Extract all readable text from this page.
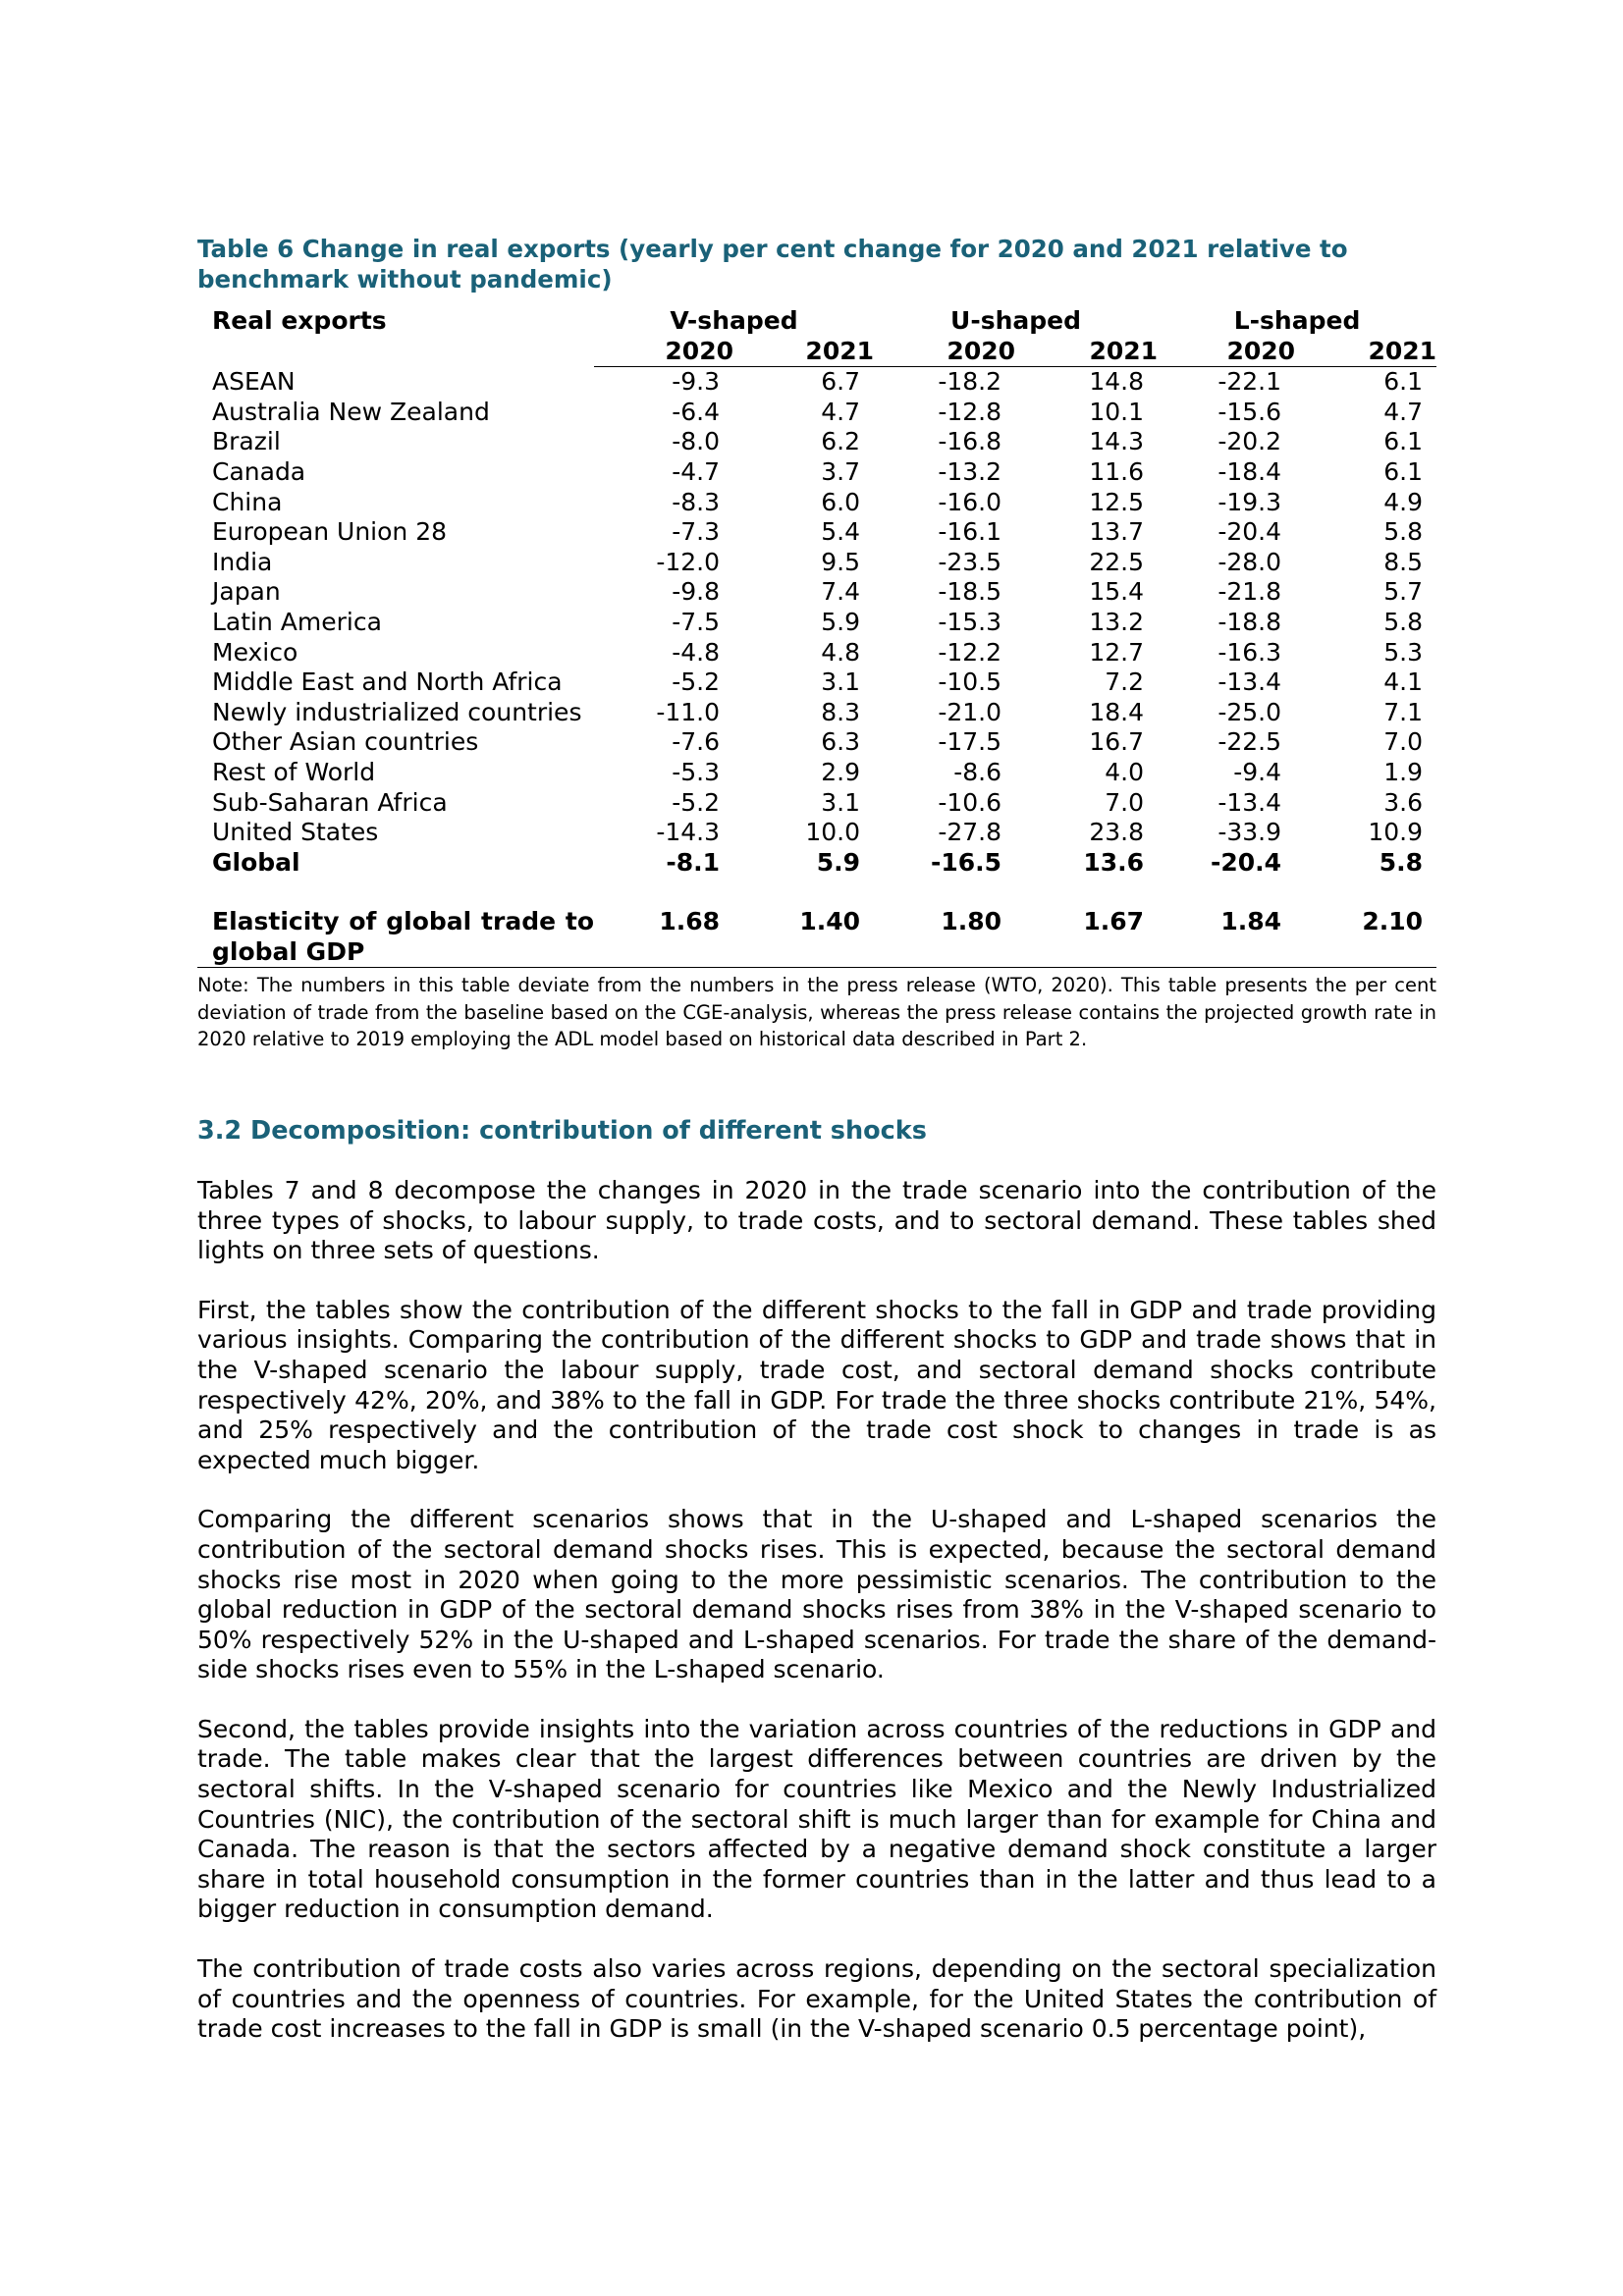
Table 6 Change in real exports (yearly per cent change for 2020 and 2021 relative to benchmark without pandemic)

Real exports	V-shaped		U-shaped		L-shaped	
	2020	2021	2020	2021	2020	2021
ASEAN	-9.3	6.7	-18.2	14.8	-22.1	6.1
Australia New Zealand	-6.4	4.7	-12.8	10.1	-15.6	4.7
Brazil	-8.0	6.2	-16.8	14.3	-20.2	6.1
Canada	-4.7	3.7	-13.2	11.6	-18.4	6.1
China	-8.3	6.0	-16.0	12.5	-19.3	4.9
European Union 28	-7.3	5.4	-16.1	13.7	-20.4	5.8
India	-12.0	9.5	-23.5	22.5	-28.0	8.5
Japan	-9.8	7.4	-18.5	15.4	-21.8	5.7
Latin America	-7.5	5.9	-15.3	13.2	-18.8	5.8
Mexico	-4.8	4.8	-12.2	12.7	-16.3	5.3
Middle East and North Africa	-5.2	3.1	-10.5	7.2	-13.4	4.1
Newly industrialized countries	-11.0	8.3	-21.0	18.4	-25.0	7.1
Other Asian countries	-7.6	6.3	-17.5	16.7	-22.5	7.0
Rest of World	-5.3	2.9	-8.6	4.0	-9.4	1.9
Sub-Saharan Africa	-5.2	3.1	-10.6	7.0	-13.4	3.6
United States	-14.3	10.0	-27.8	23.8	-33.9	10.9
Global	-8.1	5.9	-16.5	13.6	-20.4	5.8

Elasticity of global trade to global GDP	1.68	1.40	1.80	1.67	1.84	2.10

Note: The numbers in this table deviate from the numbers in the press release (WTO, 2020). This table presents the per cent deviation of trade from the baseline based on the CGE-analysis, whereas the press release contains the projected growth rate in 2020 relative to 2019 employing the ADL model based on historical data described in Part 2.

3.2 Decomposition: contribution of different shocks

Tables 7 and 8 decompose the changes in 2020 in the trade scenario into the contribution of the three types of shocks, to labour supply, to trade costs, and to sectoral demand. These tables shed lights on three sets of questions.

First, the tables show the contribution of the different shocks to the fall in GDP and trade providing various insights. Comparing the contribution of the different shocks to GDP and trade shows that in the V-shaped scenario the labour supply, trade cost, and sectoral demand shocks contribute respectively 42%, 20%, and 38% to the fall in GDP. For trade the three shocks contribute 21%, 54%, and 25% respectively and the contribution of the trade cost shock to changes in trade is as expected much bigger.

Comparing the different scenarios shows that in the U-shaped and L-shaped scenarios the contribution of the sectoral demand shocks rises. This is expected, because the sectoral demand shocks rise most in 2020 when going to the more pessimistic scenarios. The contribution to the global reduction in GDP of the sectoral demand shocks rises from 38% in the V-shaped scenario to 50% respectively 52% in the U-shaped and L-shaped scenarios. For trade the share of the demand-side shocks rises even to 55% in the L-shaped scenario.

Second, the tables provide insights into the variation across countries of the reductions in GDP and trade. The table makes clear that the largest differences between countries are driven by the sectoral shifts. In the V-shaped scenario for countries like Mexico and the Newly Industrialized Countries (NIC), the contribution of the sectoral shift is much larger than for example for China and Canada. The reason is that the sectors affected by a negative demand shock constitute a larger share in total household consumption in the former countries than in the latter and thus lead to a bigger reduction in consumption demand.

The contribution of trade costs also varies across regions, depending on the sectoral specialization of countries and the openness of countries. For example, for the United States the contribution of trade cost increases to the fall in GDP is small (in the V-shaped scenario 0.5 percentage point),
